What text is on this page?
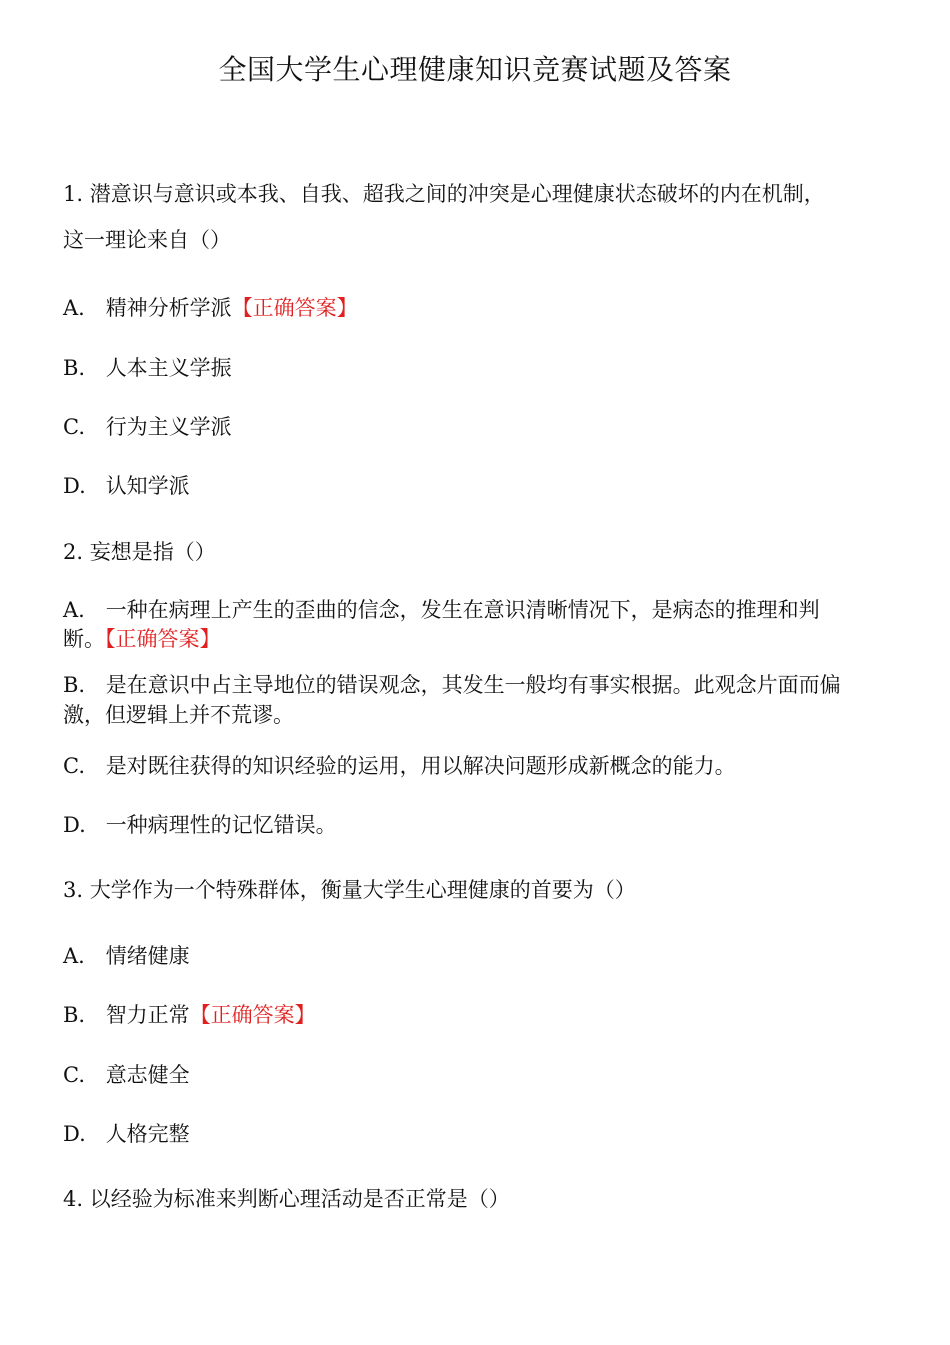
全国大学生心理健康知识竞赛试题及答案
1. 潜意识与意识或本我、自我、超我之间的冲突是心理健康状态破坏的内在机制，
这一理论来自（）
A. 精神分析学派【正确答案】
B. 人本主义学振
C. 行为主义学派
D. 认知学派
2. 妄想是指（）
A. 一种在病理上产生的歪曲的信念，发生在意识清晰情况下，是病态的推理和判
断。【正确答案】
B. 是在意识中占主导地位的错误观念，其发生一般均有事实根据。此观念片面而偏
激，但逻辑上并不荒谬。
C. 是对既往获得的知识经验的运用，用以解决问题形成新概念的能力。
D. 一种病理性的记忆错误。
3. 大学作为一个特殊群体，衡量大学生心理健康的首要为（）
A. 情绪健康
B. 智力正常【正确答案】
C. 意志健全
D. 人格完整
4. 以经验为标准来判断心理活动是否正常是（）
